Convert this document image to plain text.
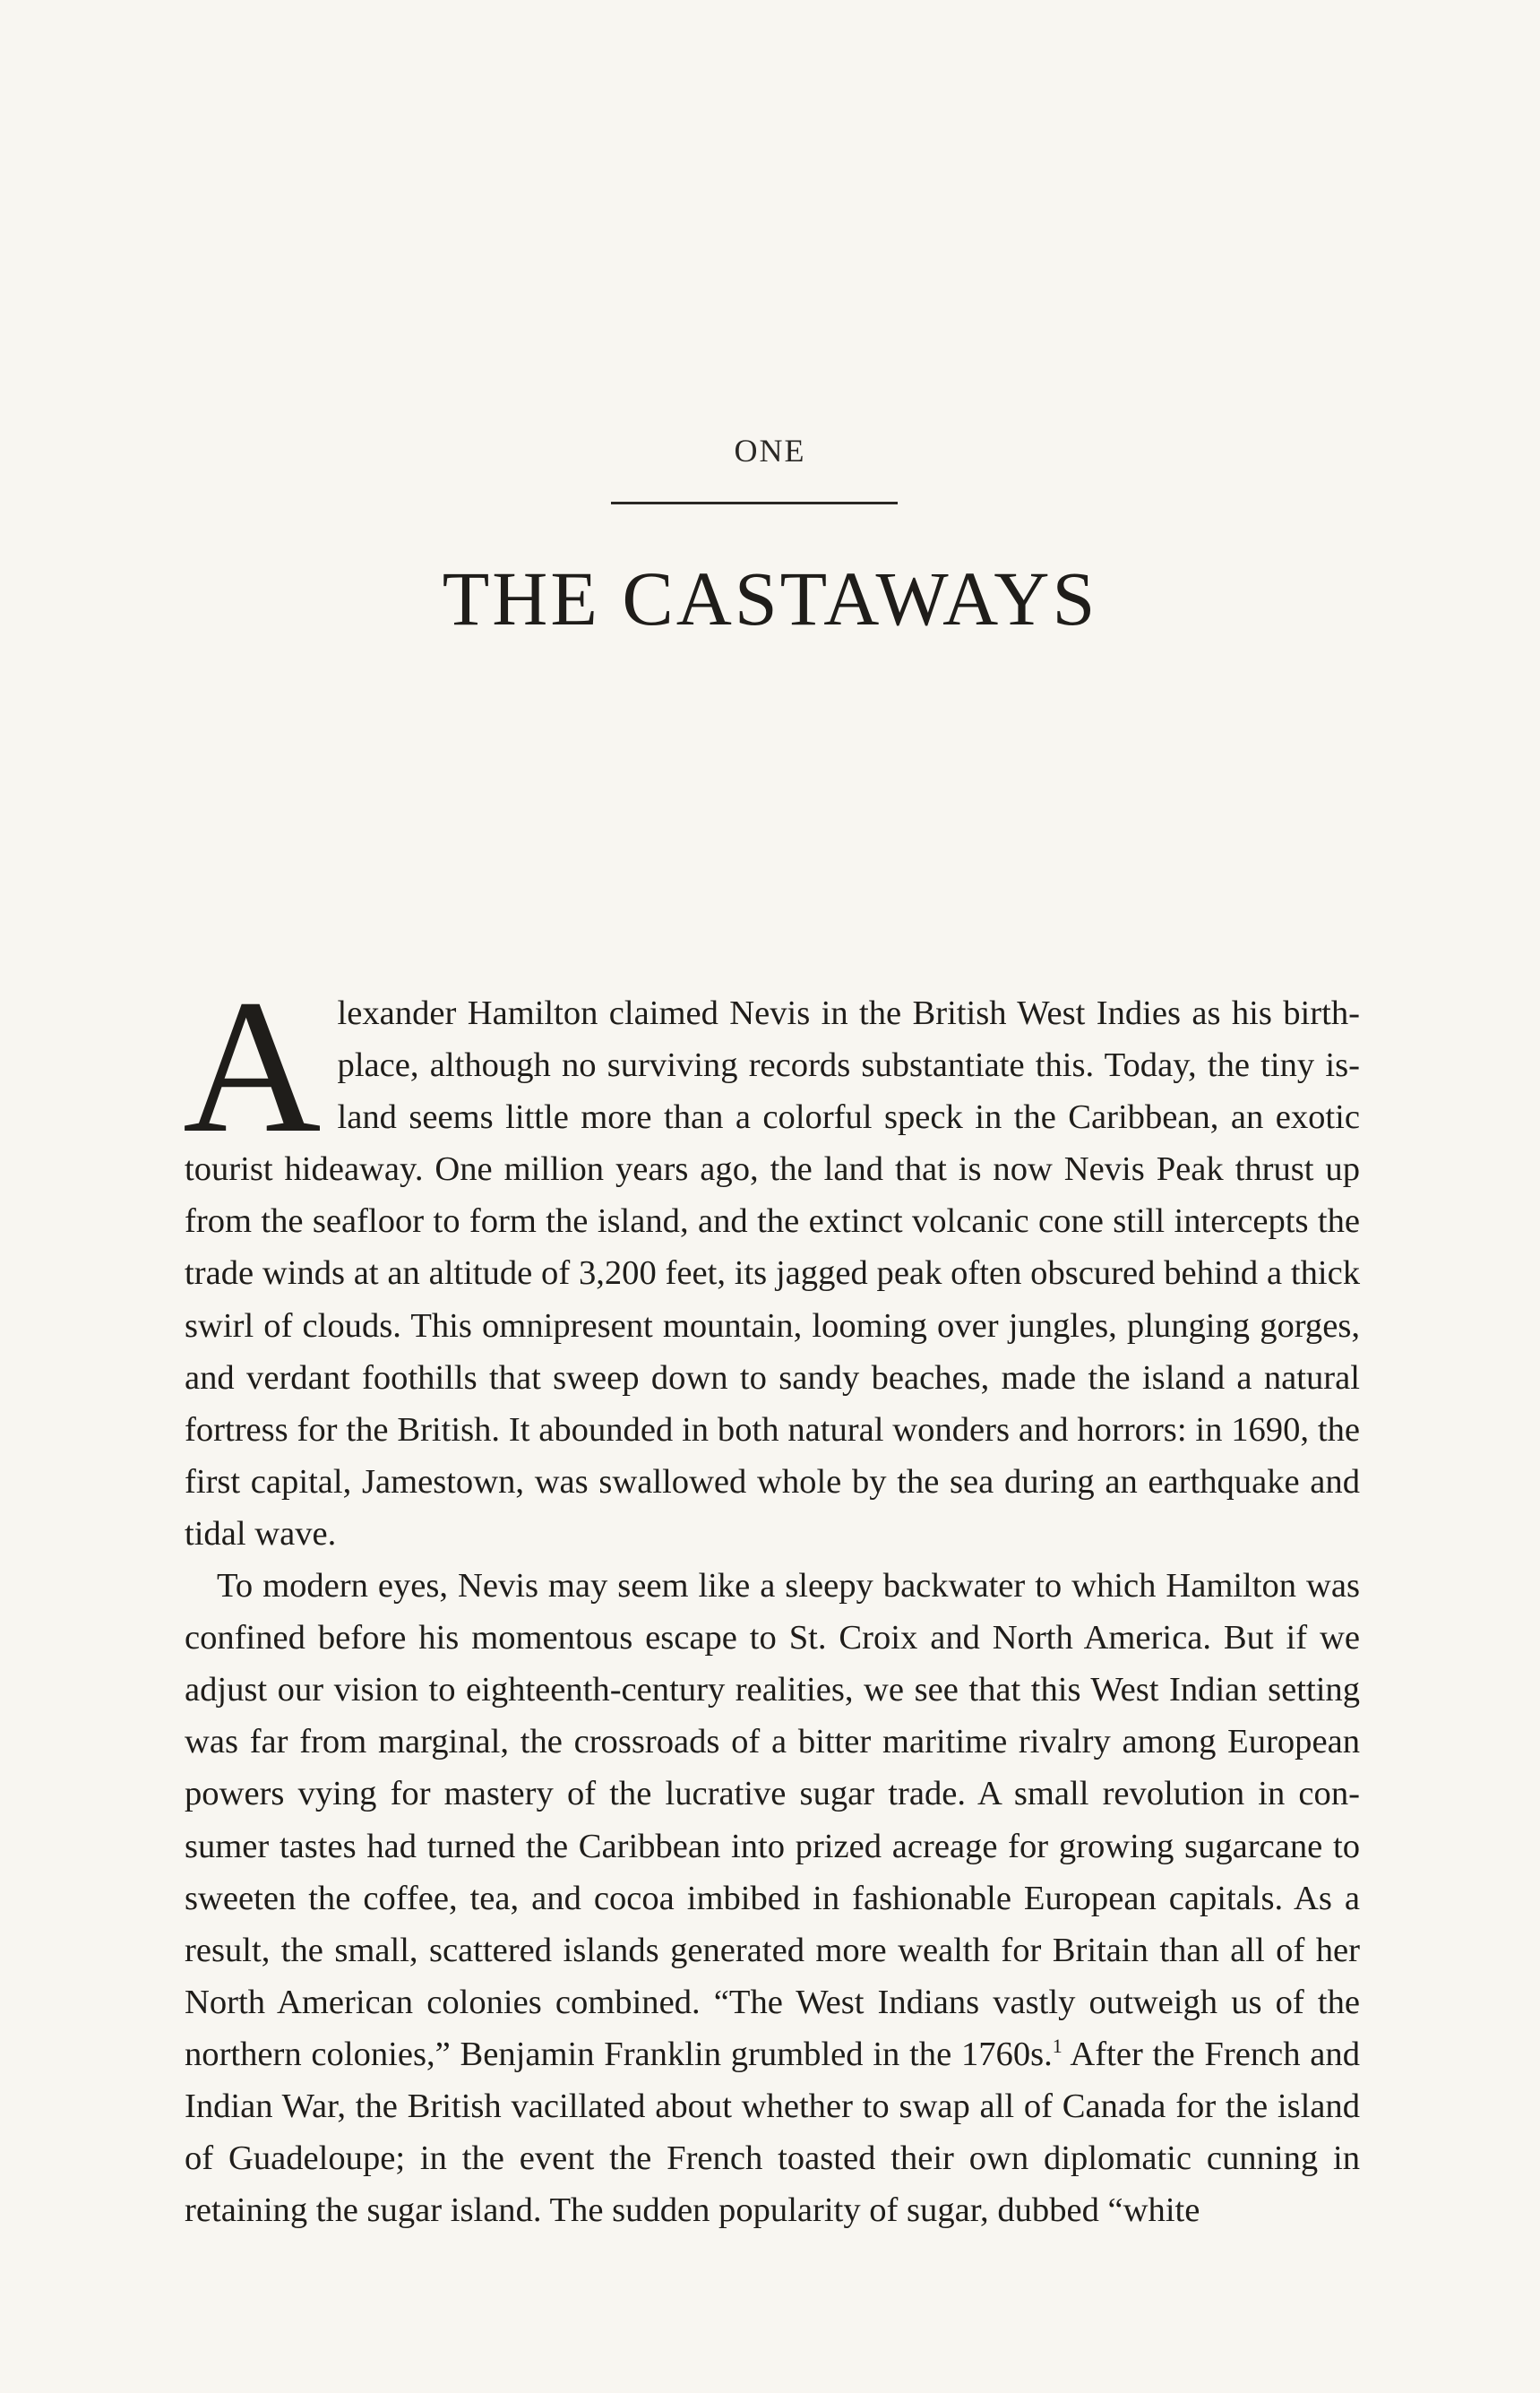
ONE
THE CASTAWAYS

Alexander Hamilton claimed Nevis in the British West Indies as his birthplace, although no surviving records substantiate this. Today, the tiny island seems little more than a colorful speck in the Caribbean, an exotic tourist hideaway. One million years ago, the land that is now Nevis Peak thrust up from the seafloor to form the island, and the extinct volcanic cone still intercepts the trade winds at an altitude of 3,200 feet, its jagged peak often obscured behind a thick swirl of clouds. This omnipresent mountain, looming over jungles, plunging gorges, and verdant foothills that sweep down to sandy beaches, made the island a natural fortress for the British. It abounded in both natural wonders and horrors: in 1690, the first capital, Jamestown, was swallowed whole by the sea during an earthquake and tidal wave.

To modern eyes, Nevis may seem like a sleepy backwater to which Hamilton was confined before his momentous escape to St. Croix and North America. But if we adjust our vision to eighteenth-century realities, we see that this West Indian setting was far from marginal, the crossroads of a bitter maritime rivalry among European powers vying for mastery of the lucrative sugar trade. A small revolution in consumer tastes had turned the Caribbean into prized acreage for growing sugarcane to sweeten the coffee, tea, and cocoa imbibed in fashionable European capitals. As a result, the small, scattered islands generated more wealth for Britain than all of her North American colonies combined. “The West Indians vastly outweigh us of the northern colonies,” Benjamin Franklin grumbled in the 1760s.$^1$ After the French and Indian War, the British vacillated about whether to swap all of Canada for the island of Guadeloupe; in the event the French toasted their own diplomatic cunning in retaining the sugar island. The sudden popularity of sugar, dubbed “white
